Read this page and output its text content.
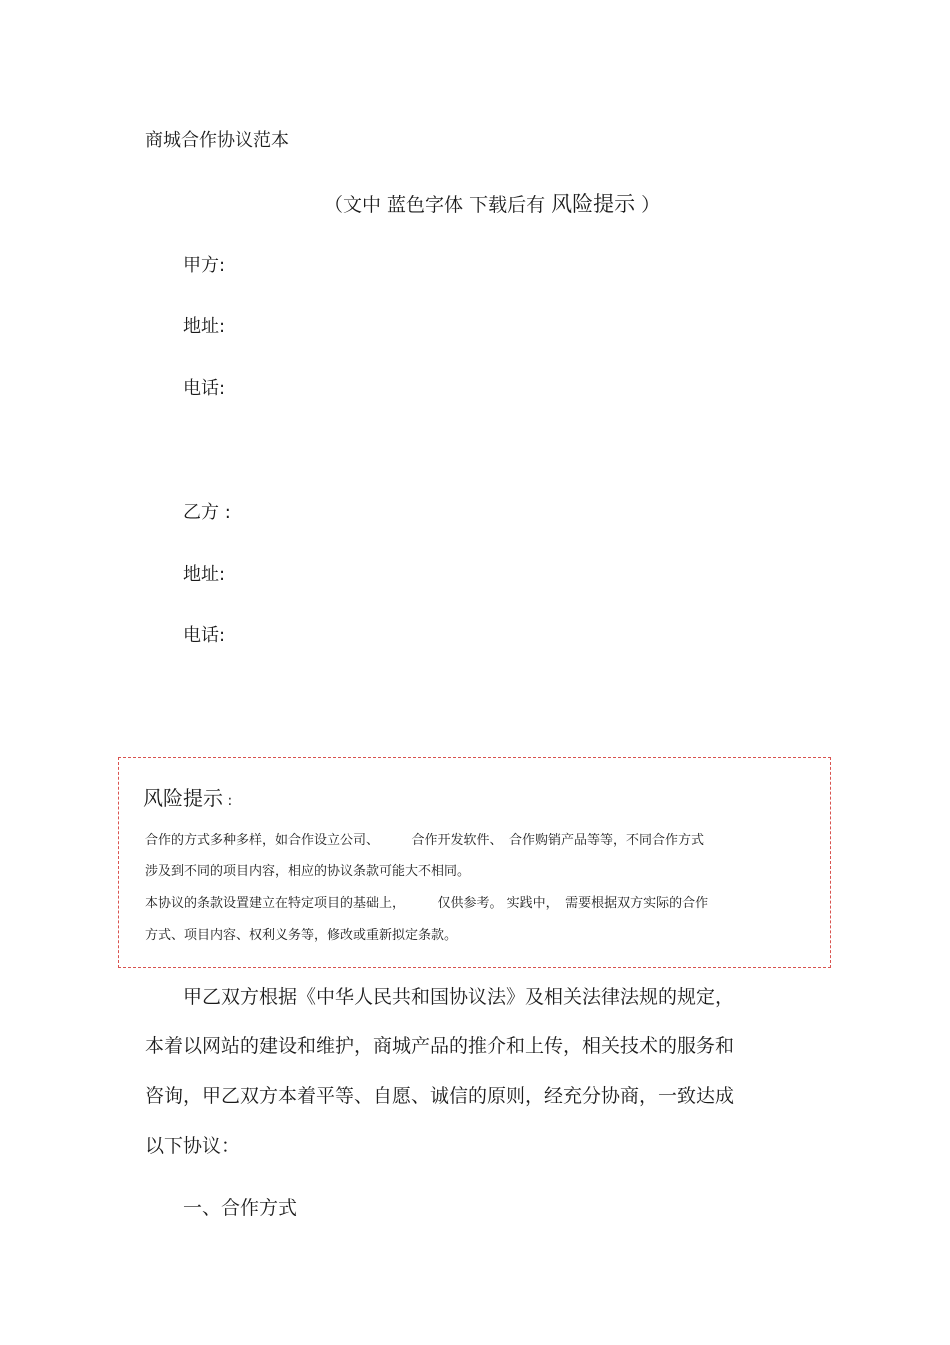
商城合作协议范本
（文中 蓝色字体 下载后有 风险提示 ）
甲方:
地址:
电话:
乙方 :
地址:
电话:
风险提示 :
合作的方式多种多样，如合作设立公司、　　　合作开发软件、　合作购销产品等等，不同合作方式
涉及到不同的项目内容，相应的协议条款可能大不相同。
本协议的条款设置建立在特定项目的基础上，　　　仅供参考。 实践中，　需要根据双方实际的合作
方式、项目内容、权利义务等，修改或重新拟定条款。
　　甲乙双方根据《中华人民共和国协议法》及相关法律法规的规定，
本着以网站的建设和维护，商城产品的推介和上传，相关技术的服务和
咨询，甲乙双方本着平等、自愿、诚信的原则，经充分协商，一致达成
以下协议：
一、合作方式
